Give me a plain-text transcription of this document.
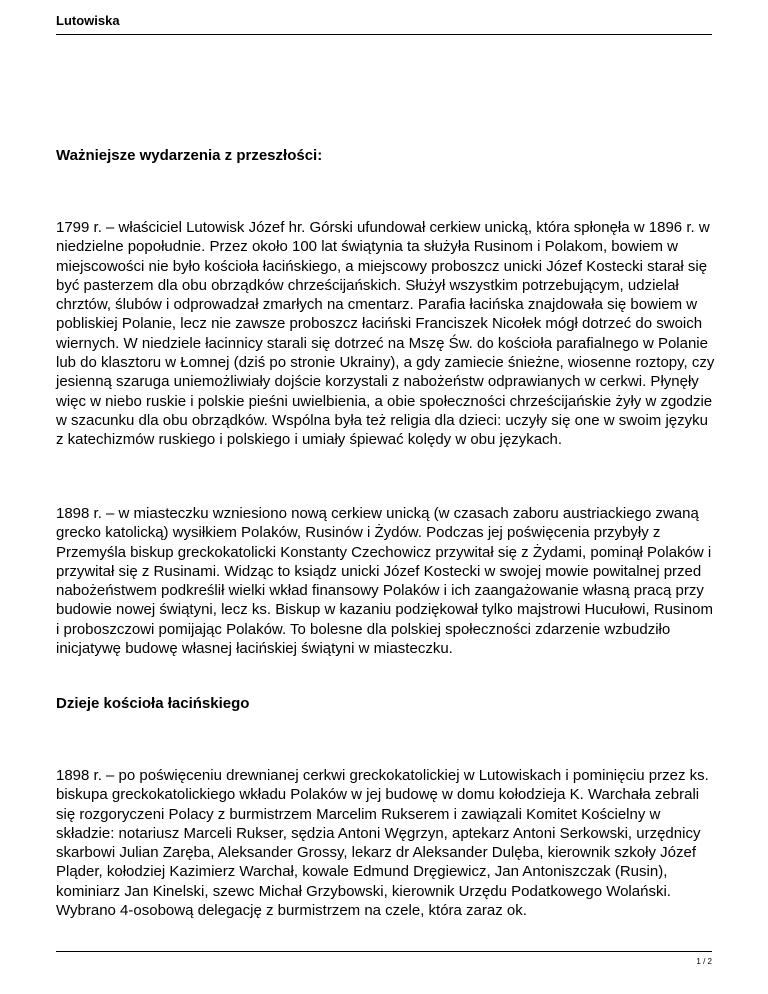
Lutowiska
Ważniejsze wydarzenia z przeszłości:

1799 r. – właściciel Lutowisk Józef hr. Górski ufundował cerkiew unicką, która spłonęła w 1896 r. w niedzielne popołudnie. Przez około 100 lat świątynia ta służyła Rusinom i Polakom, bowiem w miejscowości nie było kościoła łacińskiego, a miejscowy proboszcz unicki Józef Kostecki starał się być pasterzem dla obu obrządków chrześcijańskich. Służył wszystkim potrzebującym, udzielał chrztów, ślubów i odprowadzał zmarłych na cmentarz. Parafia łacińska znajdowała się bowiem w pobliskiej Polanie, lecz nie zawsze proboszcz łaciński Franciszek Nicołek mógł dotrzeć do swoich wiernych. W niedziele łacinnicy starali się dotrzeć na Mszę Św. do kościoła parafialnego w Polanie lub do klasztoru w Łomnej (dziś po stronie Ukrainy), a gdy zamiecie śnieżne, wiosenne roztopy, czy jesienną szaruga uniemożliwiały dojście korzystali z nabożeństw odprawianych w cerkwi. Płynęły więc w niebo ruskie i polskie pieśni uwielbienia, a obie społeczności chrześcijańskie żyły w zgodzie w szacunku dla obu obrządków. Wspólna była też religia dla dzieci: uczyły się one w swoim języku z katechizmów ruskiego i polskiego i umiały śpiewać kolędy w obu językach.

1898 r. – w miasteczku wzniesiono nową cerkiew unicką (w czasach zaboru austriackiego zwaną grecko katolicką) wysiłkiem Polaków, Rusinów i Żydów. Podczas jej poświęcenia przybyły z Przemyśla biskup greckokatolicki Konstanty Czechowicz przywitał się z Żydami, pominął Polaków i przywitał się z Rusinami. Widząc to ksiądz unicki Józef Kostecki w swojej mowie powitalnej przed nabożeństwem podkreślił wielki wkład finansowy Polaków i ich zaangażowanie własną pracą przy budowie nowej świątyni, lecz ks. Biskup w kazaniu podziękował tylko majstrowi Hucułowi, Rusinom i proboszczowi pomijając Polaków. To bolesne dla polskiej społeczności zdarzenie wzbudziło inicjatywę budowę własnej łacińskiej świątyni w miasteczku.

Dzieje kościoła łacińskiego

1898 r. – po poświęceniu drewnianej cerkwi greckokatolickiej w Lutowiskach i pominięciu przez ks. biskupa greckokatolickiego wkładu Polaków w jej budowę w domu kołodzieja K. Warchała zebrali się rozgoryczeni Polacy z burmistrzem Marcelim Rukserem i zawiązali Komitet Kościelny w składzie: notariusz Marceli Rukser, sędzia Antoni Węgrzyn, aptekarz Antoni Serkowski, urzędnicy skarbowi Julian Zaręba, Aleksander Grossy, lekarz dr Aleksander Dulęba, kierownik szkoły Józef Pląder, kołodziej Kazimierz Warchał, kowale Edmund Dręgiewicz, Jan Antoniszczak (Rusin), kominiarz Jan Kinelski, szewc Michał Grzybowski, kierownik Urzędu Podatkowego Wolański. Wybrano 4-osobową delegację z burmistrzem na czele, która zaraz ok.

1 / 2
